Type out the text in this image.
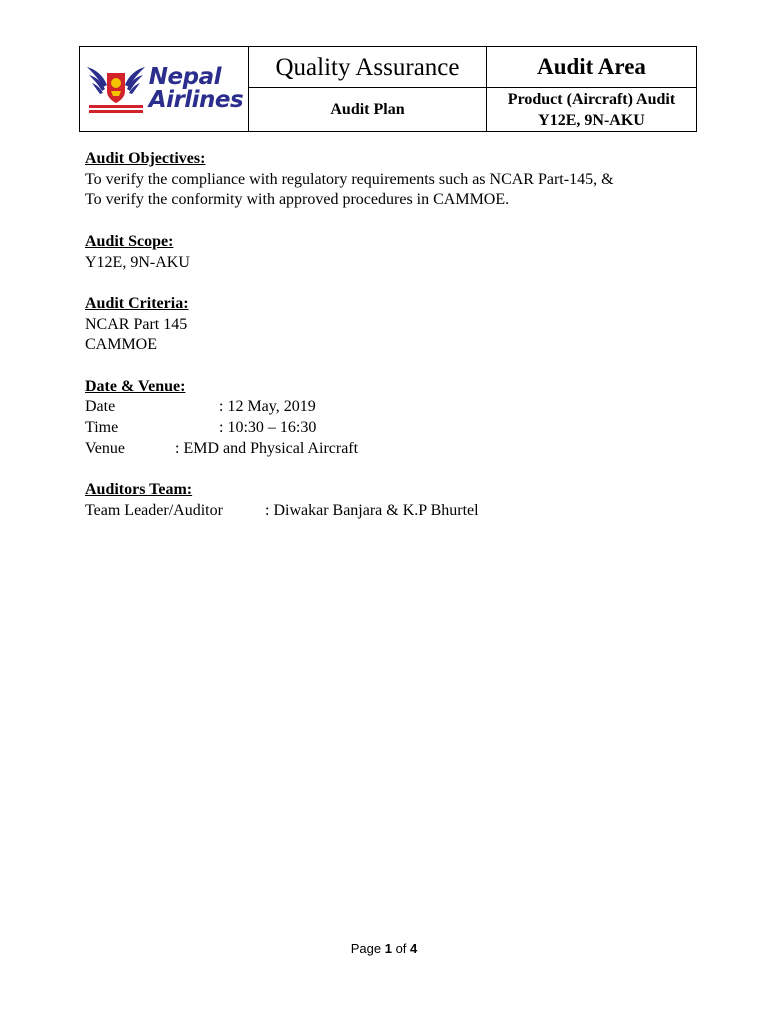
Nepal
Airlines	Quality Assurance	Audit Area
	Audit Plan	Product (Aircraft) Audit
Y12E, 9N-AKU
Audit Objectives:
To verify the compliance with regulatory requirements such as NCAR Part-145, &
To verify the conformity with approved procedures in CAMMOE.
Audit Scope:
Y12E, 9N-AKU
Audit Criteria:
NCAR Part 145
CAMMOE
Date & Venue:
Date	: 12 May, 2019
Time	: 10:30 – 16:30
Venue	: EMD and Physical Aircraft
Auditors Team:
Team Leader/Auditor	: Diwakar Banjara & K.P Bhurtel
Page 1 of 4
